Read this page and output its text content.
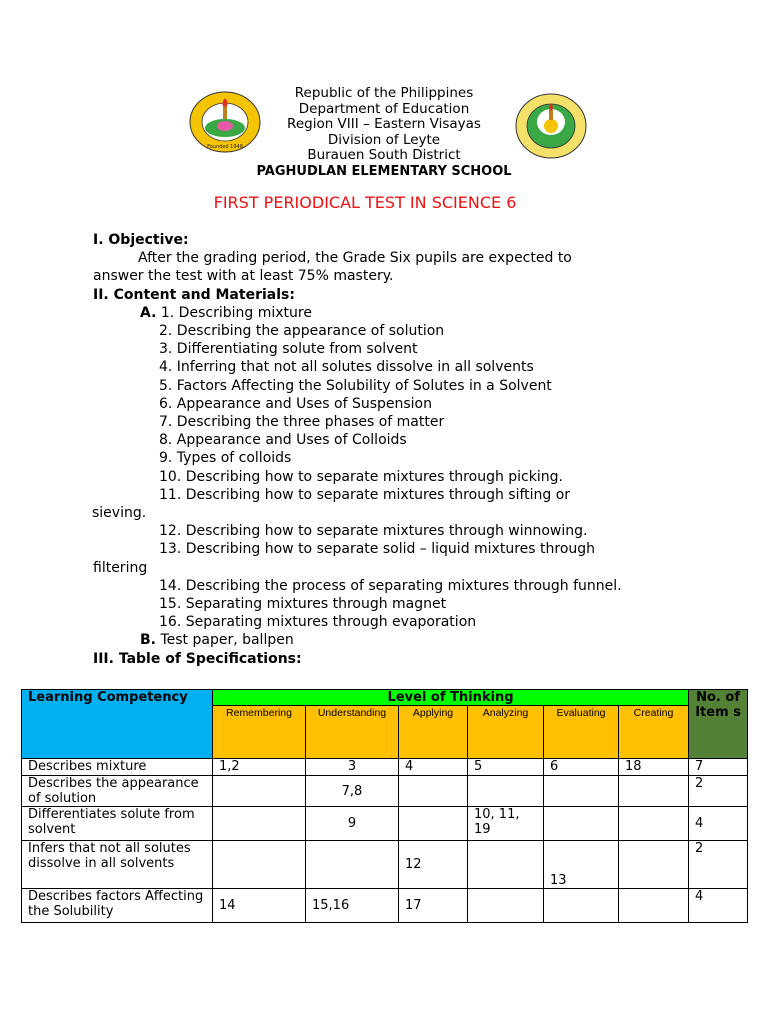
Founded 1948
Republic of the Philippines
Department of Education
Region VIII – Eastern Visayas
Division of Leyte
Burauen South District
PAGHUDLAN ELEMENTARY SCHOOL
FIRST PERIODICAL TEST IN SCIENCE 6
I. Objective:
After the grading period, the Grade Six pupils are expected to
answer the test with at least 75% mastery.
II. Content and Materials:
A. 1. Describing mixture
2. Describing the appearance of solution
3. Differentiating solute from solvent
4. Inferring that not all solutes dissolve in all solvents
5. Factors Affecting the Solubility of Solutes in a Solvent
6. Appearance and Uses of Suspension
7. Describing the three phases of matter
8. Appearance and Uses of Colloids
9. Types of colloids
10. Describing how to separate mixtures through picking.
11. Describing how to separate mixtures through sifting or
sieving.
12. Describing how to separate mixtures through winnowing.
13. Describing how to separate solid – liquid mixtures through
filtering
14. Describing the process of separating mixtures through funnel.
15. Separating mixtures through magnet
16. Separating mixtures through evaporation
B. Test paper, ballpen
III. Table of Specifications:
Learning Competency	Level of Thinking						No. of Item s
	Remembering	Understanding	Applying	Analyzing	Evaluating	Creating	
Describes mixture	1,2	3	4	5	6	18	7
Describes the appearance of solution		7,8					2
Differentiates solute from solvent		9		10, 11, 19			4
Infers that not all solutes dissolve in all solvents			12		13		2
Describes factors Affecting the Solubility	14	15,16	17				4
